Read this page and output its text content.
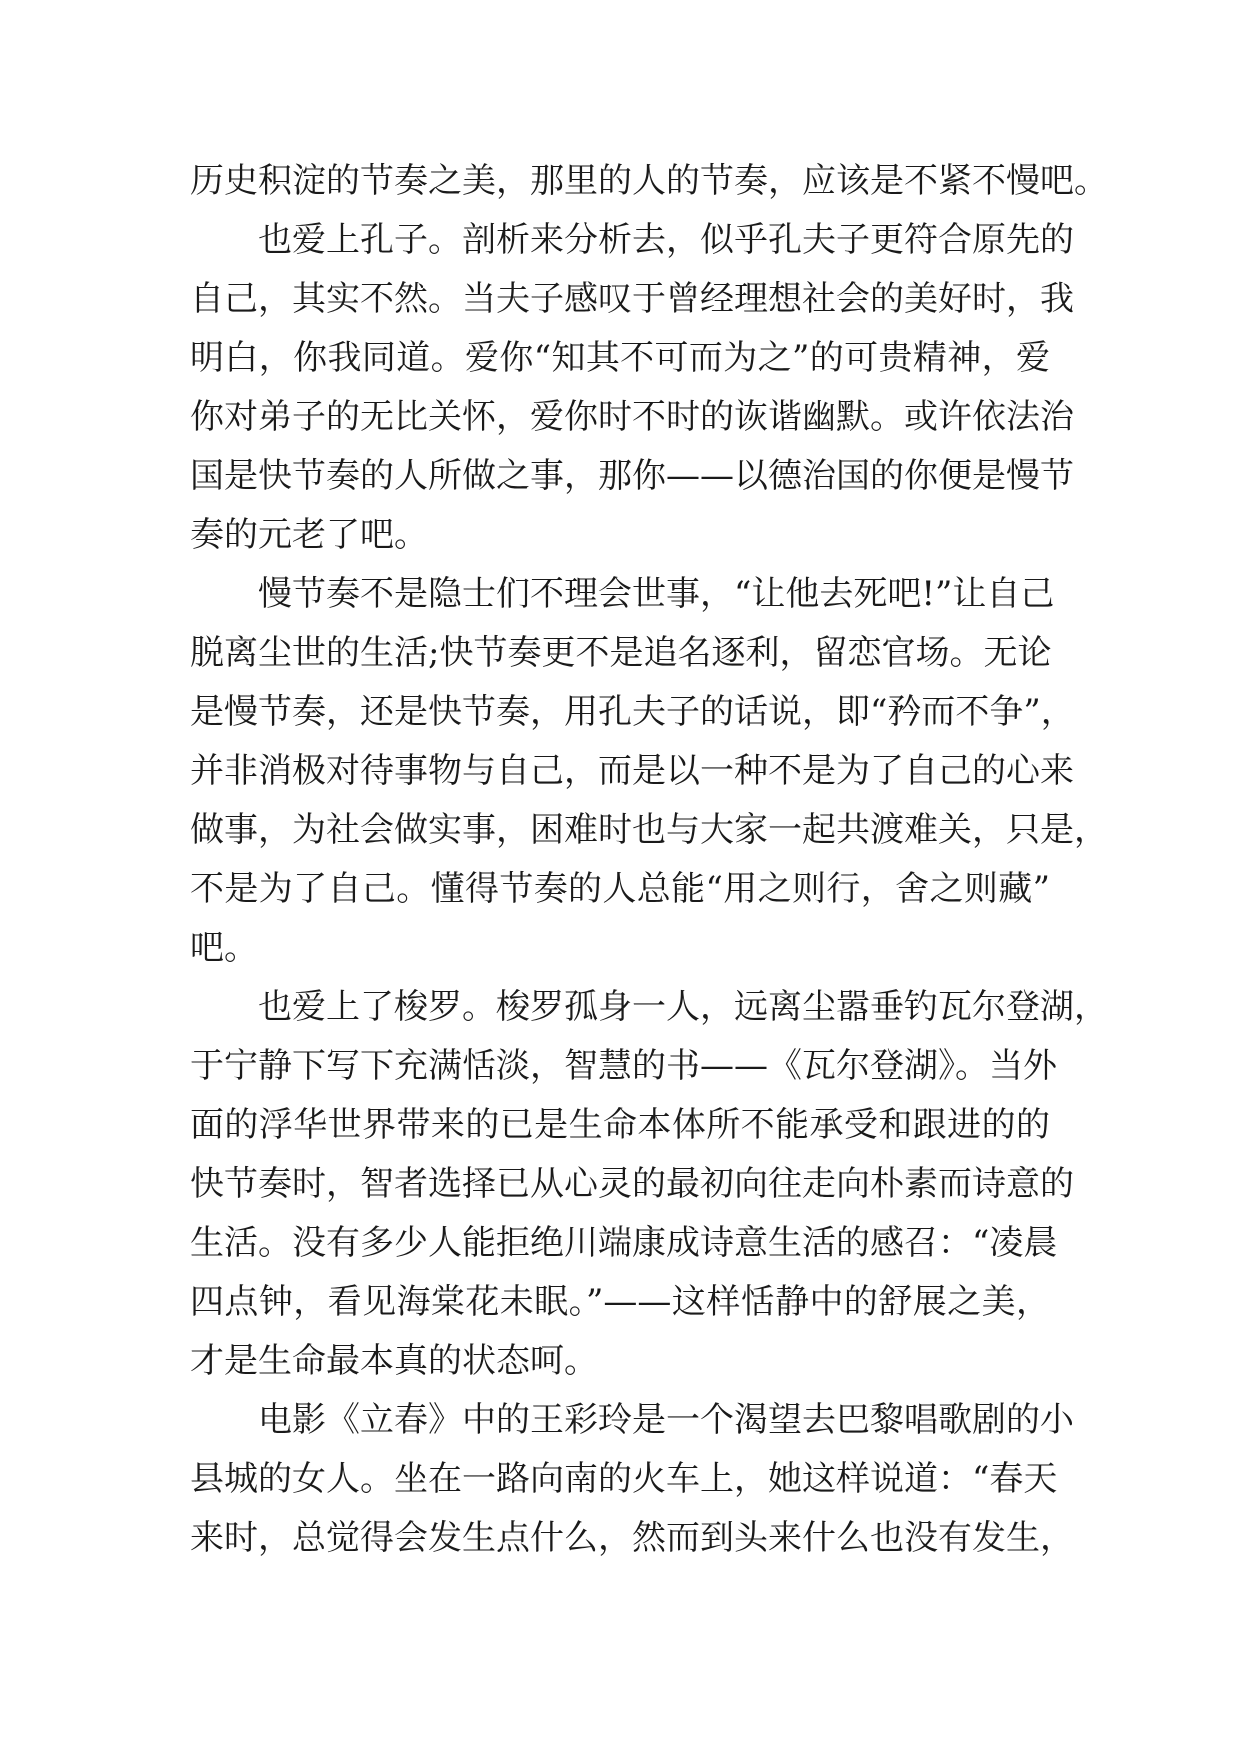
历史积淀的节奏之美，那里的人的节奏，应该是不紧不慢吧。
也爱上孔子。剖析来分析去，似乎孔夫子更符合原先的
自己，其实不然。当夫子感叹于曾经理想社会的美好时，我
明白，你我同道。爱你“知其不可而为之”的可贵精神，爱
你对弟子的无比关怀，爱你时不时的诙谐幽默。或许依法治
国是快节奏的人所做之事，那你——以德治国的你便是慢节
奏的元老了吧。
慢节奏不是隐士们不理会世事，“让他去死吧!”让自己
脱离尘世的生活;快节奏更不是追名逐利，留恋官场。无论
是慢节奏，还是快节奏，用孔夫子的话说，即“矜而不争”，
并非消极对待事物与自己，而是以一种不是为了自己的心来
做事，为社会做实事，困难时也与大家一起共渡难关，只是，
不是为了自己。懂得节奏的人总能“用之则行，舍之则藏”
吧。
也爱上了梭罗。梭罗孤身一人，远离尘嚣垂钓瓦尔登湖，
于宁静下写下充满恬淡，智慧的书——《瓦尔登湖》。当外
面的浮华世界带来的已是生命本体所不能承受和跟进的的
快节奏时，智者选择已从心灵的最初向往走向朴素而诗意的
生活。没有多少人能拒绝川端康成诗意生活的感召：“凌晨
四点钟，看见海棠花未眠。”——这样恬静中的舒展之美，
才是生命最本真的状态呵。
电影《立春》中的王彩玲是一个渴望去巴黎唱歌剧的小
县城的女人。坐在一路向南的火车上，她这样说道：“春天
来时，总觉得会发生点什么，然而到头来什么也没有发生，
